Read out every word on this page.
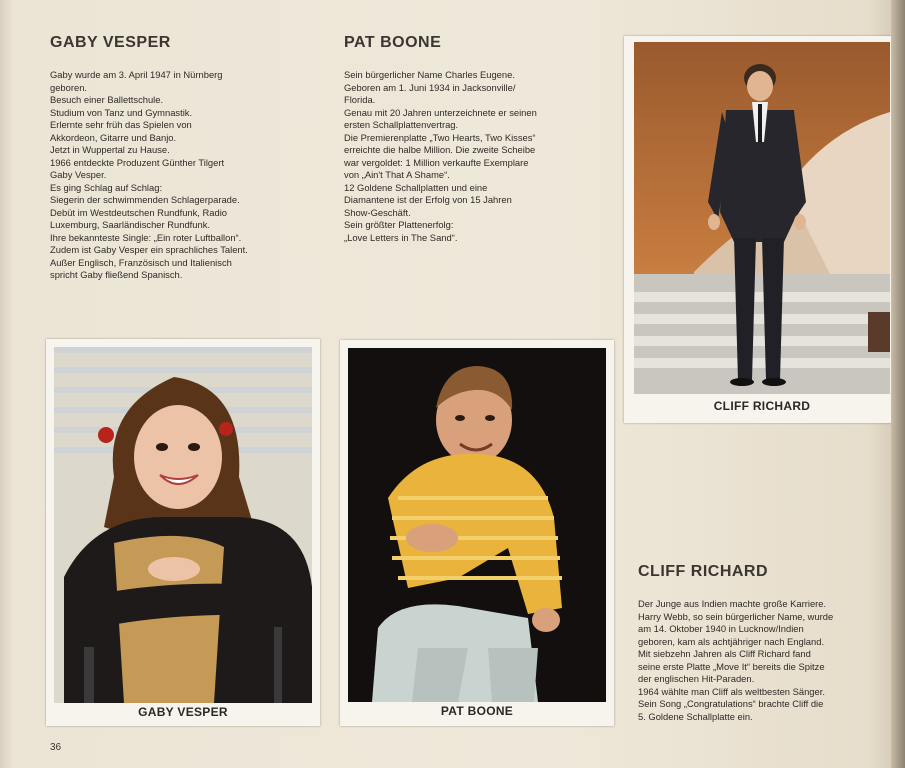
GABY VESPER
Gaby wurde am 3. April 1947 in Nürnberg
geboren.
Besuch einer Ballettschule.
Studium von Tanz und Gymnastik.
Erlernte sehr früh das Spielen von
Akkordeon, Gitarre und Banjo.
Jetzt in Wuppertal zu Hause.
1966 entdeckte Produzent Günther Tilgert
Gaby Vesper.
Es ging Schlag auf Schlag:
Siegerin der schwimmenden Schlagerparade.
Debüt im Westdeutschen Rundfunk, Radio
Luxemburg, Saarländischer Rundfunk.
Ihre bekannteste Single: „Ein roter Luftballon“.
Zudem ist Gaby Vesper ein sprachliches Talent.
Außer Englisch, Französisch und Italienisch
spricht Gaby fließend Spanisch.
PAT BOONE
Sein bürgerlicher Name Charles Eugene.
Geboren am 1. Juni 1934 in Jacksonville/
Florida.
Genau mit 20 Jahren unterzeichnete er seinen
ersten Schallplattenvertrag.
Die Premierenplatte „Two Hearts, Two Kisses“
erreichte die halbe Million. Die zweite Scheibe
war vergoldet: 1 Million verkaufte Exemplare
von „Ain't That A Shame“.
12 Goldene Schallplatten und eine
Diamantene ist der Erfolg von 15 Jahren
Show-Geschäft.
Sein größter Plattenerfolg:
„Love Letters in The Sand“.
CLIFF RICHARD
GABY VESPER	PAT BOONE
CLIFF RICHARD
Der Junge aus Indien machte große Karriere.
Harry Webb, so sein bürgerlicher Name, wurde
am 14. Oktober 1940 in Lucknow/Indien
geboren, kam als achtjähriger nach England.
Mit siebzehn Jahren als Cliff Richard fand
seine erste Platte „Move It“ bereits die Spitze
der englischen Hit-Paraden.
1964 wählte man Cliff als weltbesten Sänger.
Sein Song „Congratulations“ brachte Cliff die
5. Goldene Schallplatte ein.
36
